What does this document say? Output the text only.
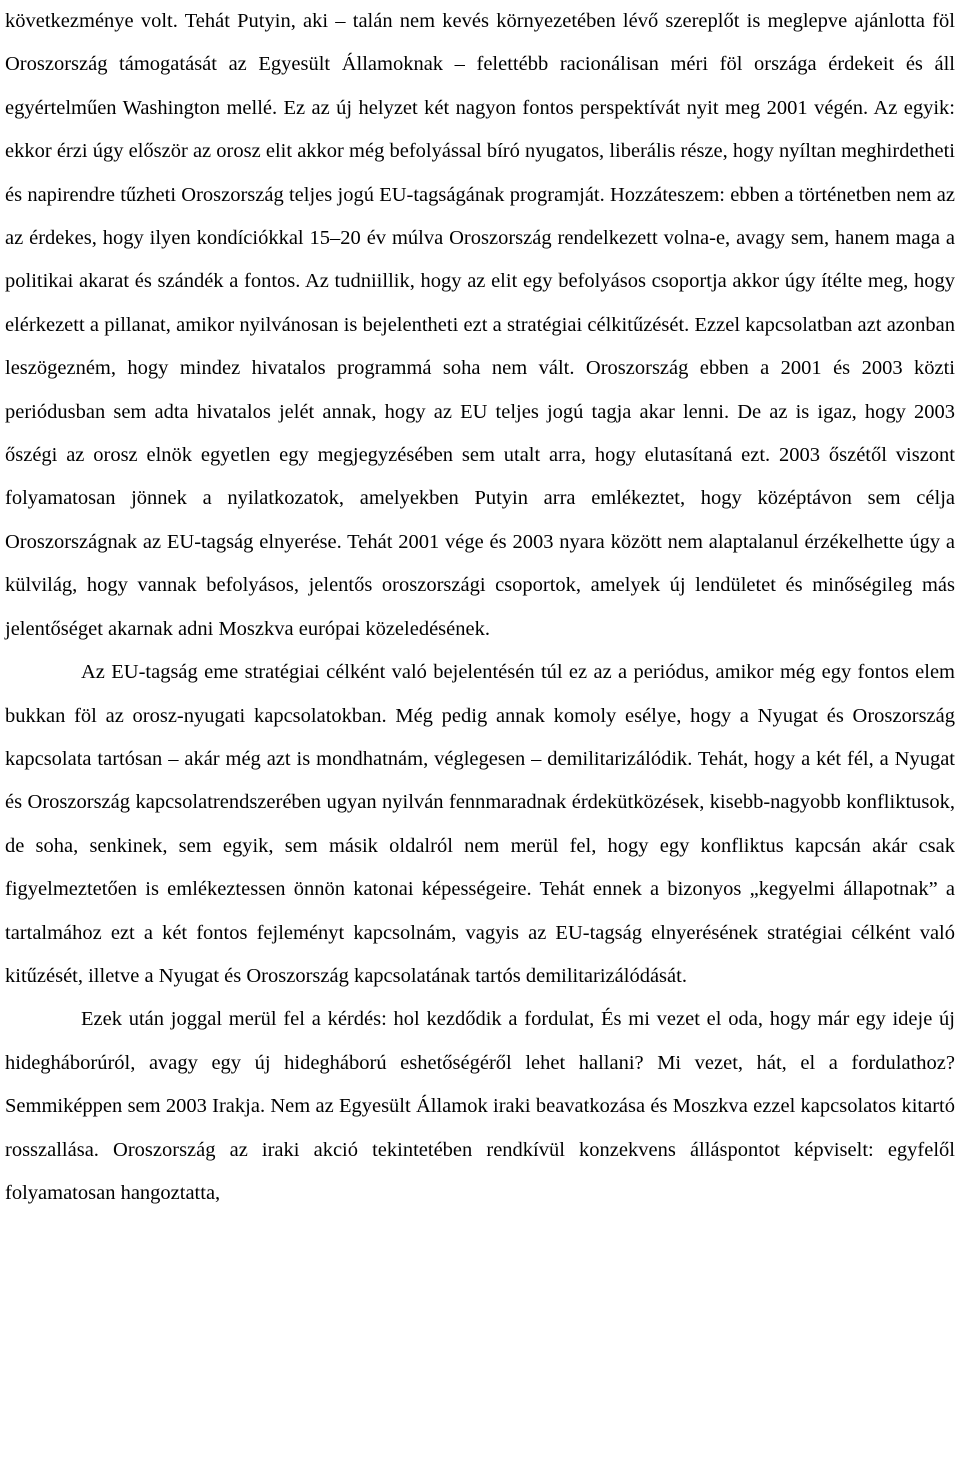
következménye volt. Tehát Putyin, aki – talán nem kevés környezetében lévő szereplőt is meglepve ajánlotta föl Oroszország támogatását az Egyesült Államoknak – felettébb racionálisan méri föl országa érdekeit és áll egyértelműen Washington mellé. Ez az új helyzet két nagyon fontos perspektívát nyit meg 2001 végén. Az egyik: ekkor érzi úgy először az orosz elit akkor még befolyással bíró nyugatos, liberális része, hogy nyíltan meghirdetheti és napirendre tűzheti Oroszország teljes jogú EU-tagságának programját. Hozzáteszem: ebben a történetben nem az az érdekes, hogy ilyen kondíciókkal 15–20 év múlva Oroszország rendelkezett volna-e, avagy sem, hanem maga a politikai akarat és szándék a fontos. Az tudniillik, hogy az elit egy befolyásos csoportja akkor úgy ítélte meg, hogy elérkezett a pillanat, amikor nyilvánosan is bejelentheti ezt a stratégiai célkitűzését. Ezzel kapcsolatban azt azonban leszögezném, hogy mindez hivatalos programmá soha nem vált. Oroszország ebben a 2001 és 2003 közti periódusban sem adta hivatalos jelét annak, hogy az EU teljes jogú tagja akar lenni. De az is igaz, hogy 2003 őszégi az orosz elnök egyetlen egy megjegyzésében sem utalt arra, hogy elutasítaná ezt. 2003 őszétől viszont folyamatosan jönnek a nyilatkozatok, amelyekben Putyin arra emlékeztet, hogy középtávon sem célja Oroszországnak az EU-tagság elnyerése. Tehát 2001 vége és 2003 nyara között nem alaptalanul érzékelhette úgy a külvilág, hogy vannak befolyásos, jelentős oroszországi csoportok, amelyek új lendületet és minőségileg más jelentőséget akarnak adni Moszkva európai közeledésének.

Az EU-tagság eme stratégiai célként való bejelentésén túl ez az a periódus, amikor még egy fontos elem bukkan föl az orosz-nyugati kapcsolatokban. Még pedig annak komoly esélye, hogy a Nyugat és Oroszország kapcsolata tartósan – akár még azt is mondhatnám, véglegesen – demilitarizálódik. Tehát, hogy a két fél, a Nyugat és Oroszország kapcsolatrendszerében ugyan nyilván fennmaradnak érdekütközések, kisebb-nagyobb konfliktusok, de soha, senkinek, sem egyik, sem másik oldalról nem merül fel, hogy egy konfliktus kapcsán akár csak figyelmeztetően is emlékeztessen önnön katonai képességeire. Tehát ennek a bizonyos „kegyelmi állapotnak” a tartalmához ezt a két fontos fejleményt kapcsolnám, vagyis az EU-tagság elnyerésének stratégiai célként való kitűzését, illetve a Nyugat és Oroszország kapcsolatának tartós demilitarizálódását.

Ezek után joggal merül fel a kérdés: hol kezdődik a fordulat, És mi vezet el oda, hogy már egy ideje új hidegháborúról, avagy egy új hidegháború eshetőségéről lehet hallani? Mi vezet, hát, el a fordulathoz? Semmiképpen sem 2003 Irakja. Nem az Egyesült Államok iraki beavatkozása és Moszkva ezzel kapcsolatos kitartó rosszallása. Oroszország az iraki akció tekintetében rendkívül konzekvens álláspontot képviselt: egyfelől folyamatosan hangoztatta,
